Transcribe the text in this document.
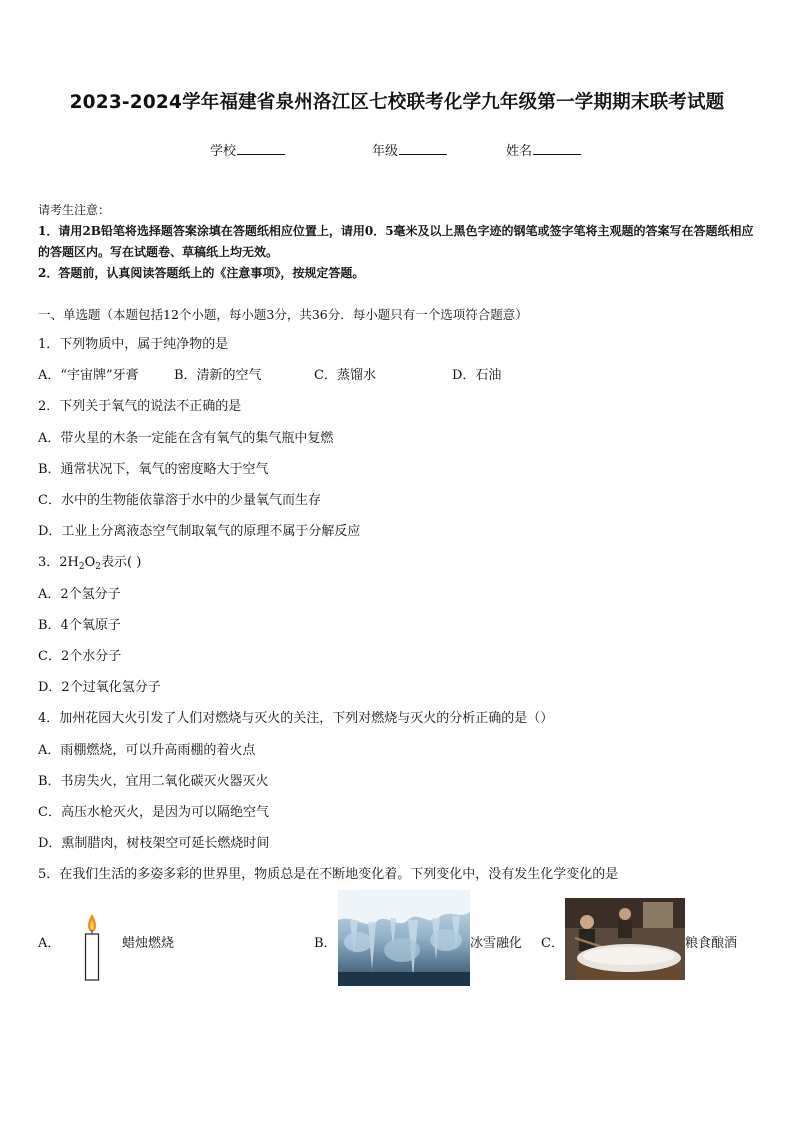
2023-2024学年福建省泉州洛江区七校联考化学九年级第一学期期末联考试题
学校	年级	姓名
请考生注意：
1．请用2B铅笔将选择题答案涂填在答题纸相应位置上，请用0．5毫米及以上黑色字迹的钢笔或签字笔将主观题的答案写在答题纸相应的答题区内。写在试题卷、草稿纸上均无效。
2．答题前，认真阅读答题纸上的《注意事项》，按规定答题。
一、单选题（本题包括12个小题，每小题3分，共36分．每小题只有一个选项符合题意）
1．下列物质中，属于纯净物的是
A．“宇宙牌”牙膏	B．清新的空气	C．蒸馏水	D．石油
2．下列关于氧气的说法不正确的是
A．带火星的木条一定能在含有氧气的集气瓶中复燃
B．通常状况下，氧气的密度略大于空气
C．水中的生物能依靠溶于水中的少量氧气而生存
D．工业上分离液态空气制取氧气的原理不属于分解反应
3．$2H_2O_2$表示( )
A．2个氢分子
B．4个氧原子
C．2个水分子
D．2个过氧化氢分子
4．加州花园大火引发了人们对燃烧与灭火的关注，下列对燃烧与灭火的分析正确的是（）
A．雨棚燃烧，可以升高雨棚的着火点
B．书房失火，宜用二氧化碳灭火器灭火
C．高压水枪灭火，是因为可以隔绝空气
D．熏制腊肉，树枝架空可延长燃烧时间
5．在我们生活的多姿多彩的世界里，物质总是在不断地变化着。下列变化中，没有发生化学变化的是
A．	蜡烛燃烧	B．	冰雪融化 C．	粮食酿酒
